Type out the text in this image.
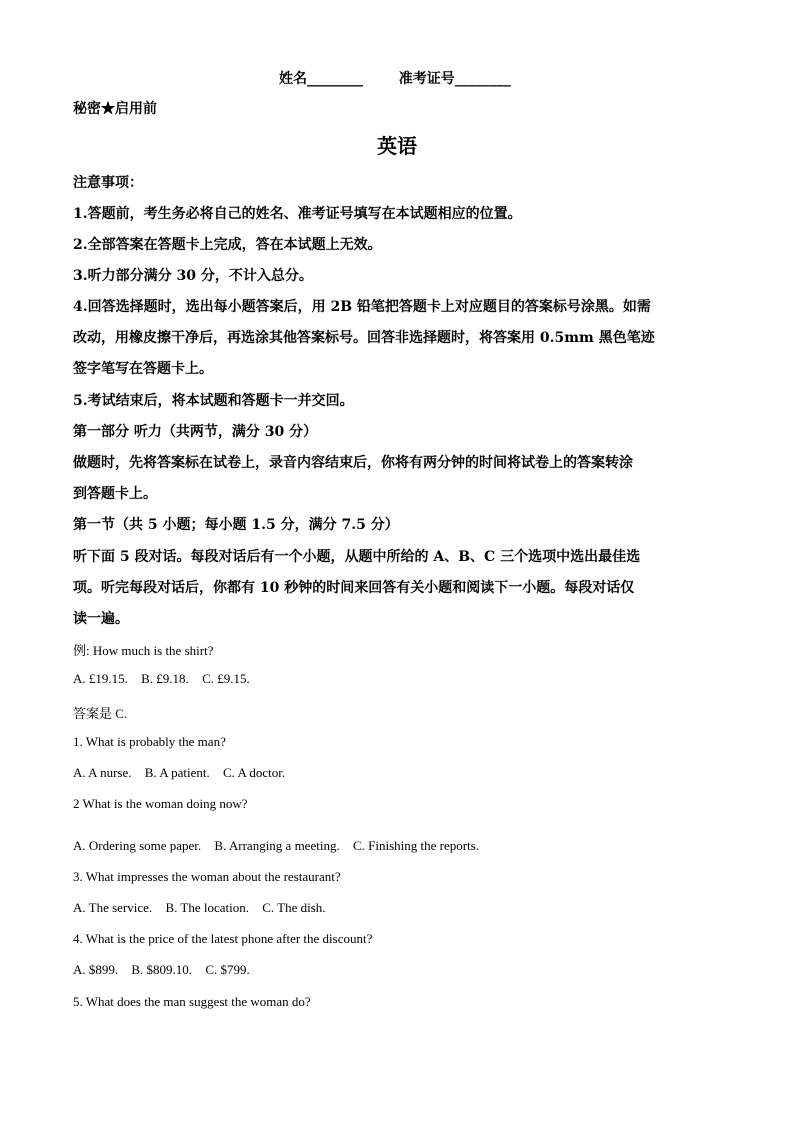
姓名________	准考证号________
秘密★启用前
英语
注意事项：
1.答题前，考生务必将自己的姓名、准考证号填写在本试题相应的位置。
2.全部答案在答题卡上完成，答在本试题上无效。
3.听力部分满分 30 分，不计入总分。
4.回答选择题时，选出每小题答案后，用 2B 铅笔把答题卡上对应题目的答案标号涂黑。如需
改动，用橡皮擦干净后，再选涂其他答案标号。回答非选择题时，将答案用 0.5mm 黑色笔迹
签字笔写在答题卡上。
5.考试结束后，将本试题和答题卡一并交回。
第一部分 听力（共两节，满分 30 分）
做题时，先将答案标在试卷上，录音内容结束后，你将有两分钟的时间将试卷上的答案转涂
到答题卡上。
第一节（共 5 小题；每小题 1.5 分，满分 7.5 分）
听下面 5 段对话。每段对话后有一个小题，从题中所给的 A、B、C 三个选项中选出最佳选
项。听完每段对话后，你都有 10 秒钟的时间来回答有关小题和阅读下一小题。每段对话仅
读一遍。
例: How much is the shirt?
A. £19.15. B. £9.18. C. £9.15.
答案是 C.
1. What is probably the man?
A. A nurse. B. A patient. C. A doctor.
2 What is the woman doing now?
A. Ordering some paper. B. Arranging a meeting. C. Finishing the reports.
3. What impresses the woman about the restaurant?
A. The service. B. The location. C. The dish.
4. What is the price of the latest phone after the discount?
A. $899. B. $809.10. C. $799.
5. What does the man suggest the woman do?
